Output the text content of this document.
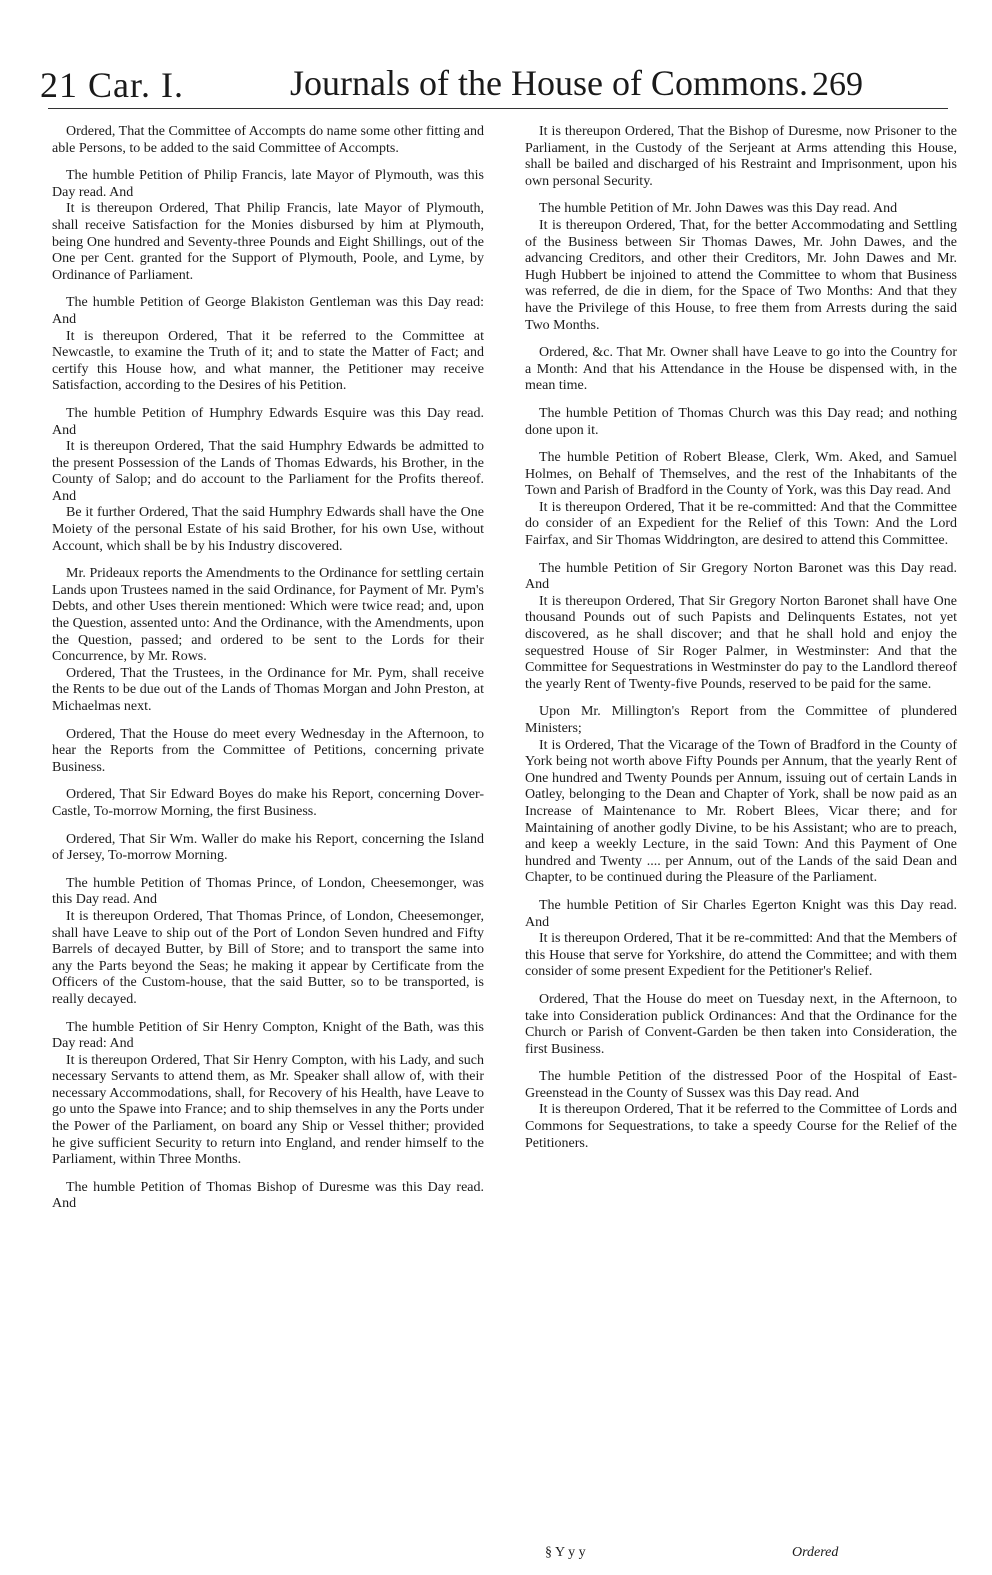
21 Car. I.	Journals of the House of Commons. 269

Ordered, That the Committee of Accompts do name some other fitting and able Persons, to be added to the said Committee of Accompts.

The humble Petition of Philip Francis, late Mayor of Plymouth, was this Day read. And

It is thereupon Ordered, That Philip Francis, late Mayor of Plymouth, shall receive Satisfaction for the Monies disbursed by him at Plymouth, being One hundred and Seventy-three Pounds and Eight Shillings, out of the One per Cent. granted for the Support of Plymouth, Poole, and Lyme, by Ordinance of Parliament.

The humble Petition of George Blakiston Gentleman was this Day read: And

It is thereupon Ordered, That it be referred to the Committee at Newcastle, to examine the Truth of it; and to state the Matter of Fact; and certify this House how, and what manner, the Petitioner may receive Satisfaction, according to the Desires of his Petition.

The humble Petition of Humphry Edwards Esquire was this Day read. And

It is thereupon Ordered, That the said Humphry Edwards be admitted to the present Possession of the Lands of Thomas Edwards, his Brother, in the County of Salop; and do account to the Parliament for the Profits thereof. And

Be it further Ordered, That the said Humphry Edwards shall have the One Moiety of the personal Estate of his said Brother, for his own Use, without Account, which shall be by his Industry discovered.

Mr. Prideaux reports the Amendments to the Ordinance for settling certain Lands upon Trustees named in the said Ordinance, for Payment of Mr. Pym's Debts, and other Uses therein mentioned: Which were twice read; and, upon the Question, assented unto: And the Ordinance, with the Amendments, upon the Question, passed; and ordered to be sent to the Lords for their Concurrence, by Mr. Rows.

Ordered, That the Trustees, in the Ordinance for Mr. Pym, shall receive the Rents to be due out of the Lands of Thomas Morgan and John Preston, at Michaelmas next.

Ordered, That the House do meet every Wednesday in the Afternoon, to hear the Reports from the Committee of Petitions, concerning private Business.

Ordered, That Sir Edward Boyes do make his Report, concerning Dover-Castle, To-morrow Morning, the first Business.

Ordered, That Sir Wm. Waller do make his Report, concerning the Island of Jersey, To-morrow Morning.

The humble Petition of Thomas Prince, of London, Cheesemonger, was this Day read. And

It is thereupon Ordered, That Thomas Prince, of London, Cheesemonger, shall have Leave to ship out of the Port of London Seven hundred and Fifty Barrels of decayed Butter, by Bill of Store; and to transport the same into any the Parts beyond the Seas; he making it appear by Certificate from the Officers of the Custom-house, that the said Butter, so to be transported, is really decayed.

The humble Petition of Sir Henry Compton, Knight of the Bath, was this Day read: And

It is thereupon Ordered, That Sir Henry Compton, with his Lady, and such necessary Servants to attend them, as Mr. Speaker shall allow of, with their necessary Accommodations, shall, for Recovery of his Health, have Leave to go unto the Spawe into France; and to ship themselves in any the Ports under the Power of the Parliament, on board any Ship or Vessel thither; provided he give sufficient Security to return into England, and render himself to the Parliament, within Three Months.

The humble Petition of Thomas Bishop of Duresme was this Day read. And

It is thereupon Ordered, That the Bishop of Duresme, now Prisoner to the Parliament, in the Custody of the Serjeant at Arms attending this House, shall be bailed and discharged of his Restraint and Imprisonment, upon his own personal Security.

The humble Petition of Mr. John Dawes was this Day read. And

It is thereupon Ordered, That, for the better Accommodating and Settling of the Business between Sir Thomas Dawes, Mr. John Dawes, and the advancing Creditors, and other their Creditors, Mr. John Dawes and Mr. Hugh Hubbert be injoined to attend the Committee to whom that Business was referred, de die in diem, for the Space of Two Months: And that they have the Privilege of this House, to free them from Arrests during the said Two Months.

Ordered, &c. That Mr. Owner shall have Leave to go into the Country for a Month: And that his Attendance in the House be dispensed with, in the mean time.

The humble Petition of Thomas Church was this Day read; and nothing done upon it.

The humble Petition of Robert Blease, Clerk, Wm. Aked, and Samuel Holmes, on Behalf of Themselves, and the rest of the Inhabitants of the Town and Parish of Bradford in the County of York, was this Day read. And

It is thereupon Ordered, That it be re-committed: And that the Committee do consider of an Expedient for the Relief of this Town: And the Lord Fairfax, and Sir Thomas Widdrington, are desired to attend this Committee.

The humble Petition of Sir Gregory Norton Baronet was this Day read. And

It is thereupon Ordered, That Sir Gregory Norton Baronet shall have One thousand Pounds out of such Papists and Delinquents Estates, not yet discovered, as he shall discover; and that he shall hold and enjoy the sequestred House of Sir Roger Palmer, in Westminster: And that the Committee for Sequestrations in Westminster do pay to the Landlord thereof the yearly Rent of Twenty-five Pounds, reserved to be paid for the same.

Upon Mr. Millington's Report from the Committee of plundered Ministers;

It is Ordered, That the Vicarage of the Town of Bradford in the County of York being not worth above Fifty Pounds per Annum, that the yearly Rent of One hundred and Twenty Pounds per Annum, issuing out of certain Lands in Oatley, belonging to the Dean and Chapter of York, shall be now paid as an Increase of Maintenance to Mr. Robert Blees, Vicar there; and for Maintaining of another godly Divine, to be his Assistant; who are to preach, and keep a weekly Lecture, in the said Town: And this Payment of One hundred and Twenty .... per Annum, out of the Lands of the said Dean and Chapter, to be continued during the Pleasure of the Parliament.

The humble Petition of Sir Charles Egerton Knight was this Day read. And

It is thereupon Ordered, That it be re-committed: And that the Members of this House that serve for Yorkshire, do attend the Committee; and with them consider of some present Expedient for the Petitioner's Relief.

Ordered, That the House do meet on Tuesday next, in the Afternoon, to take into Consideration publick Ordinances: And that the Ordinance for the Church or Parish of Convent-Garden be then taken into Consideration, the first Business.

The humble Petition of the distressed Poor of the Hospital of East-Greenstead in the County of Sussex was this Day read. And

It is thereupon Ordered, That it be referred to the Committee of Lords and Commons for Sequestrations, to take a speedy Course for the Relief of the Petitioners.

§ Y y y	Ordered
